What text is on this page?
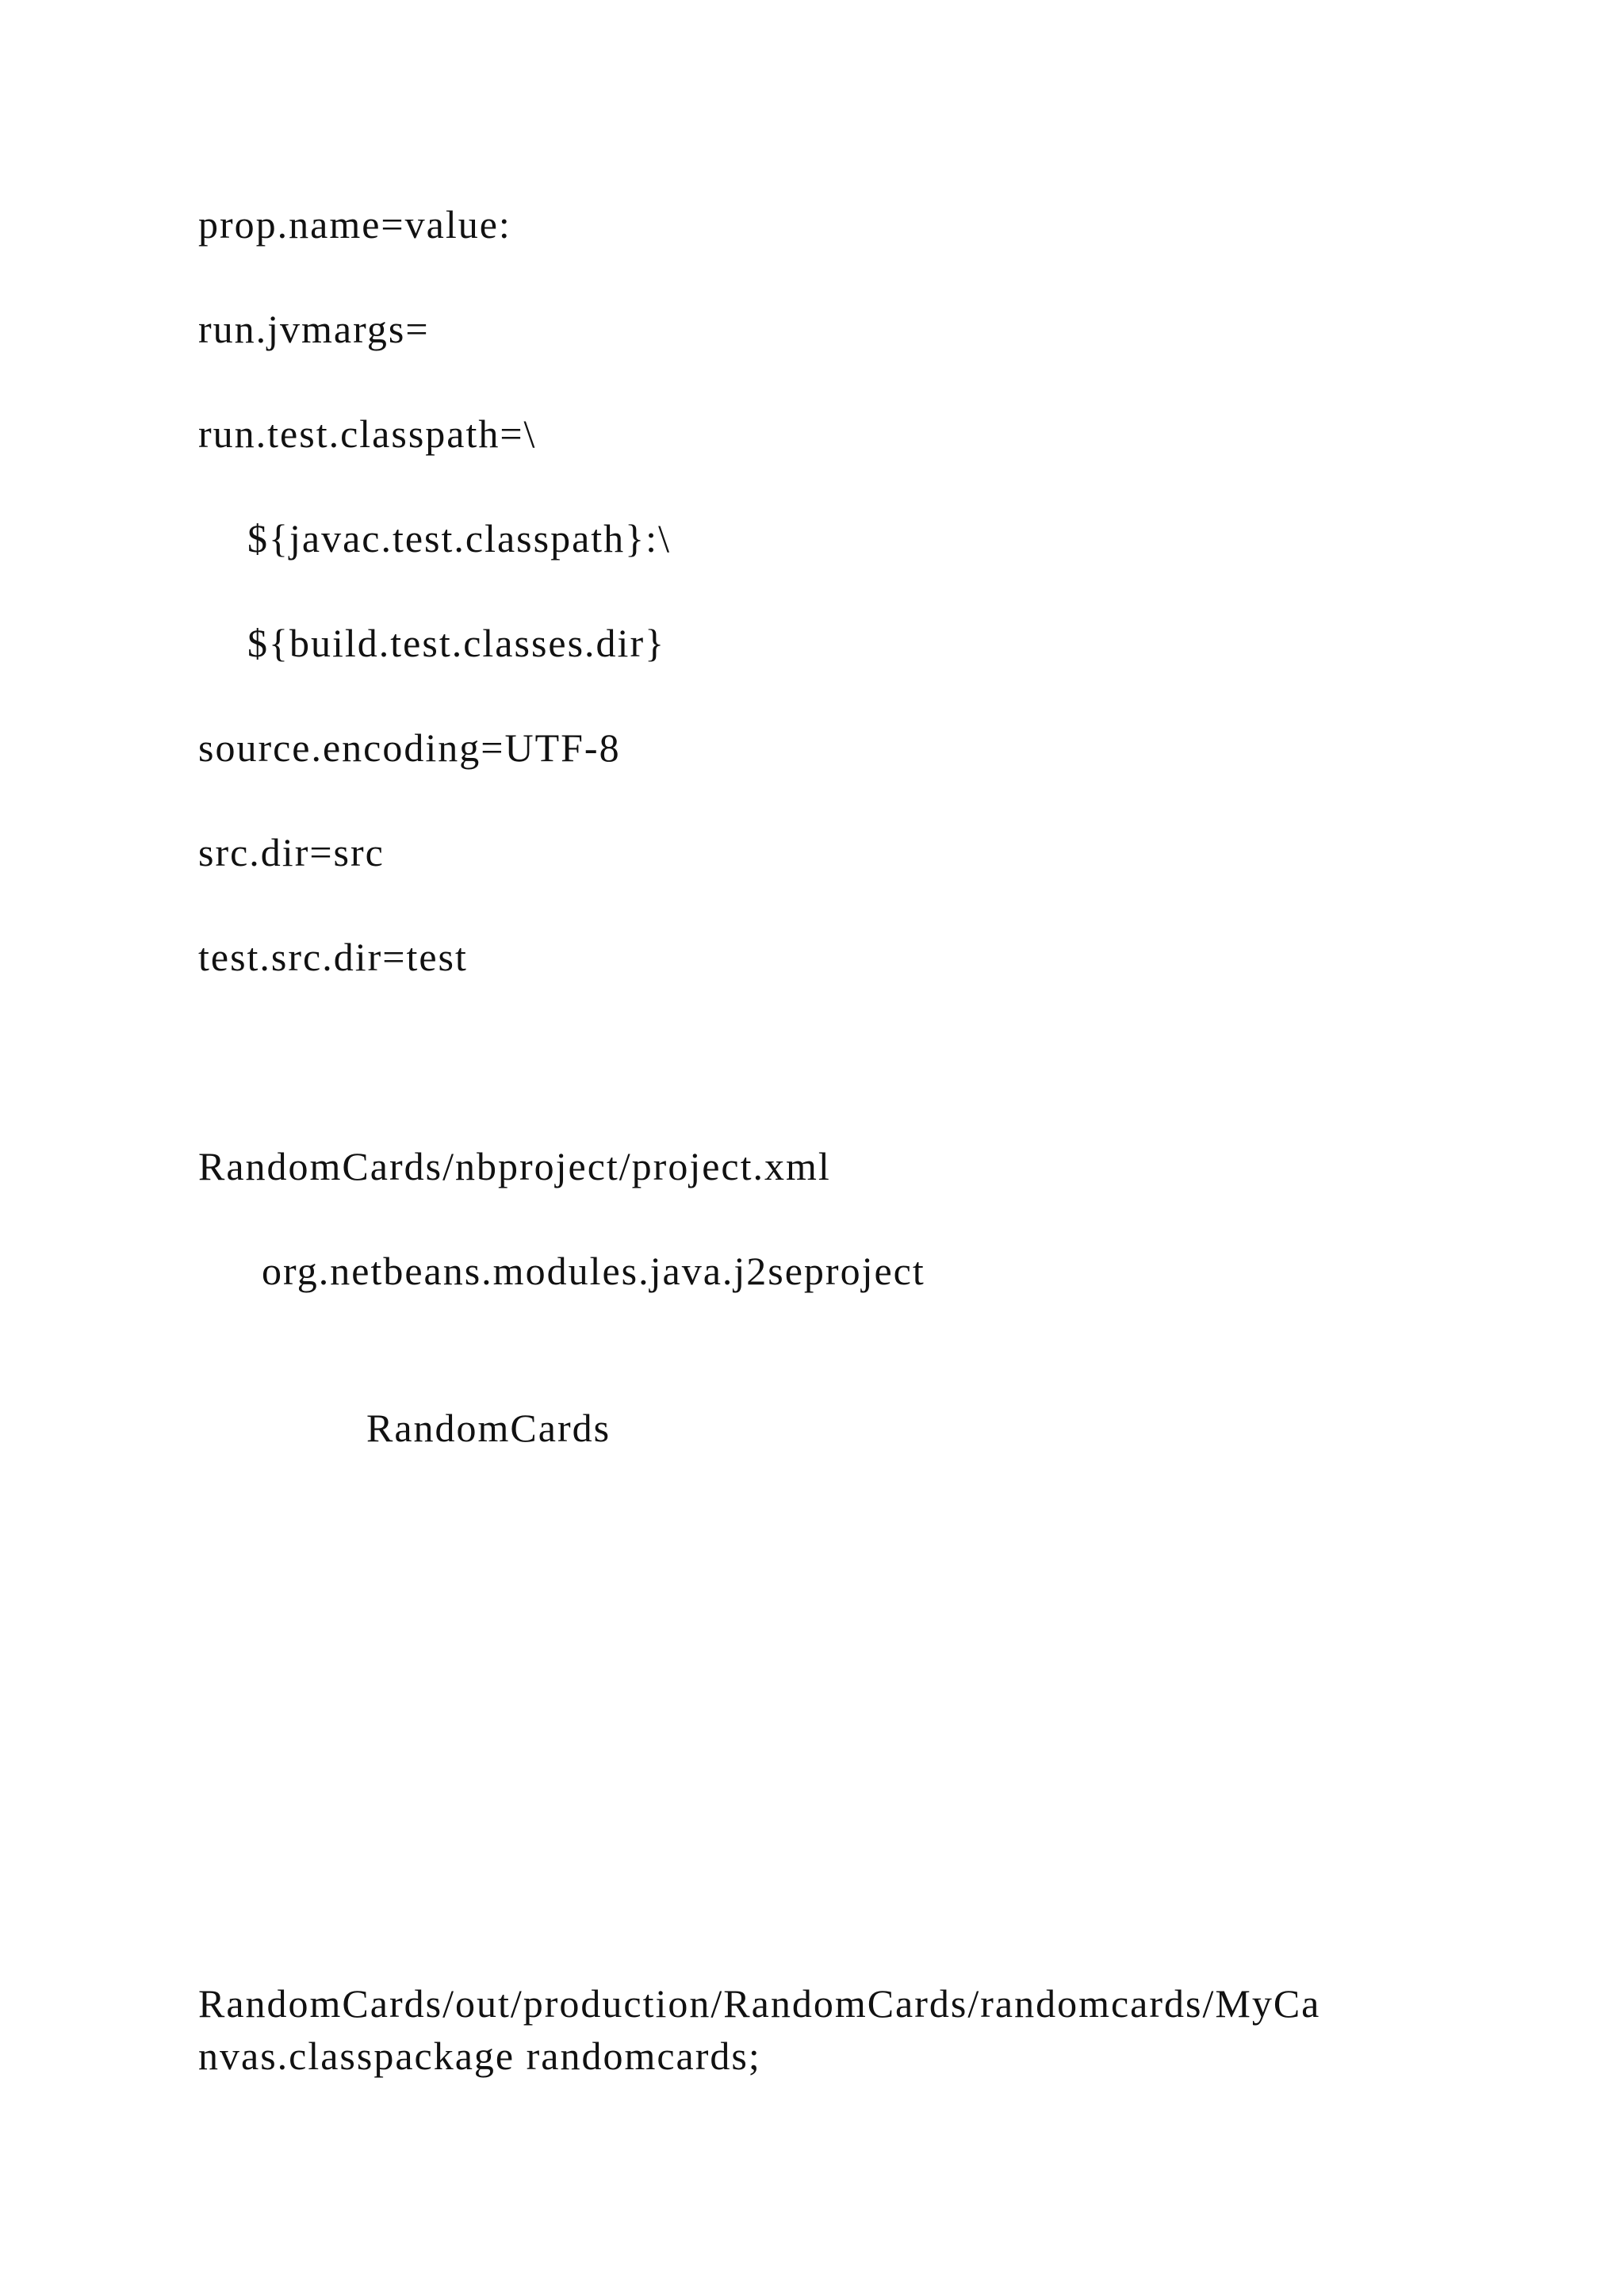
prop.name=value:

run.jvmargs=

run.test.classpath=\

${javac.test.classpath}:\

${build.test.classes.dir}

source.encoding=UTF-8

src.dir=src

test.src.dir=test

RandomCards/nbproject/project.xml

org.netbeans.modules.java.j2seproject

RandomCards

RandomCards/out/production/RandomCards/randomcards/MyCa

nvas.classpackage randomcards;
